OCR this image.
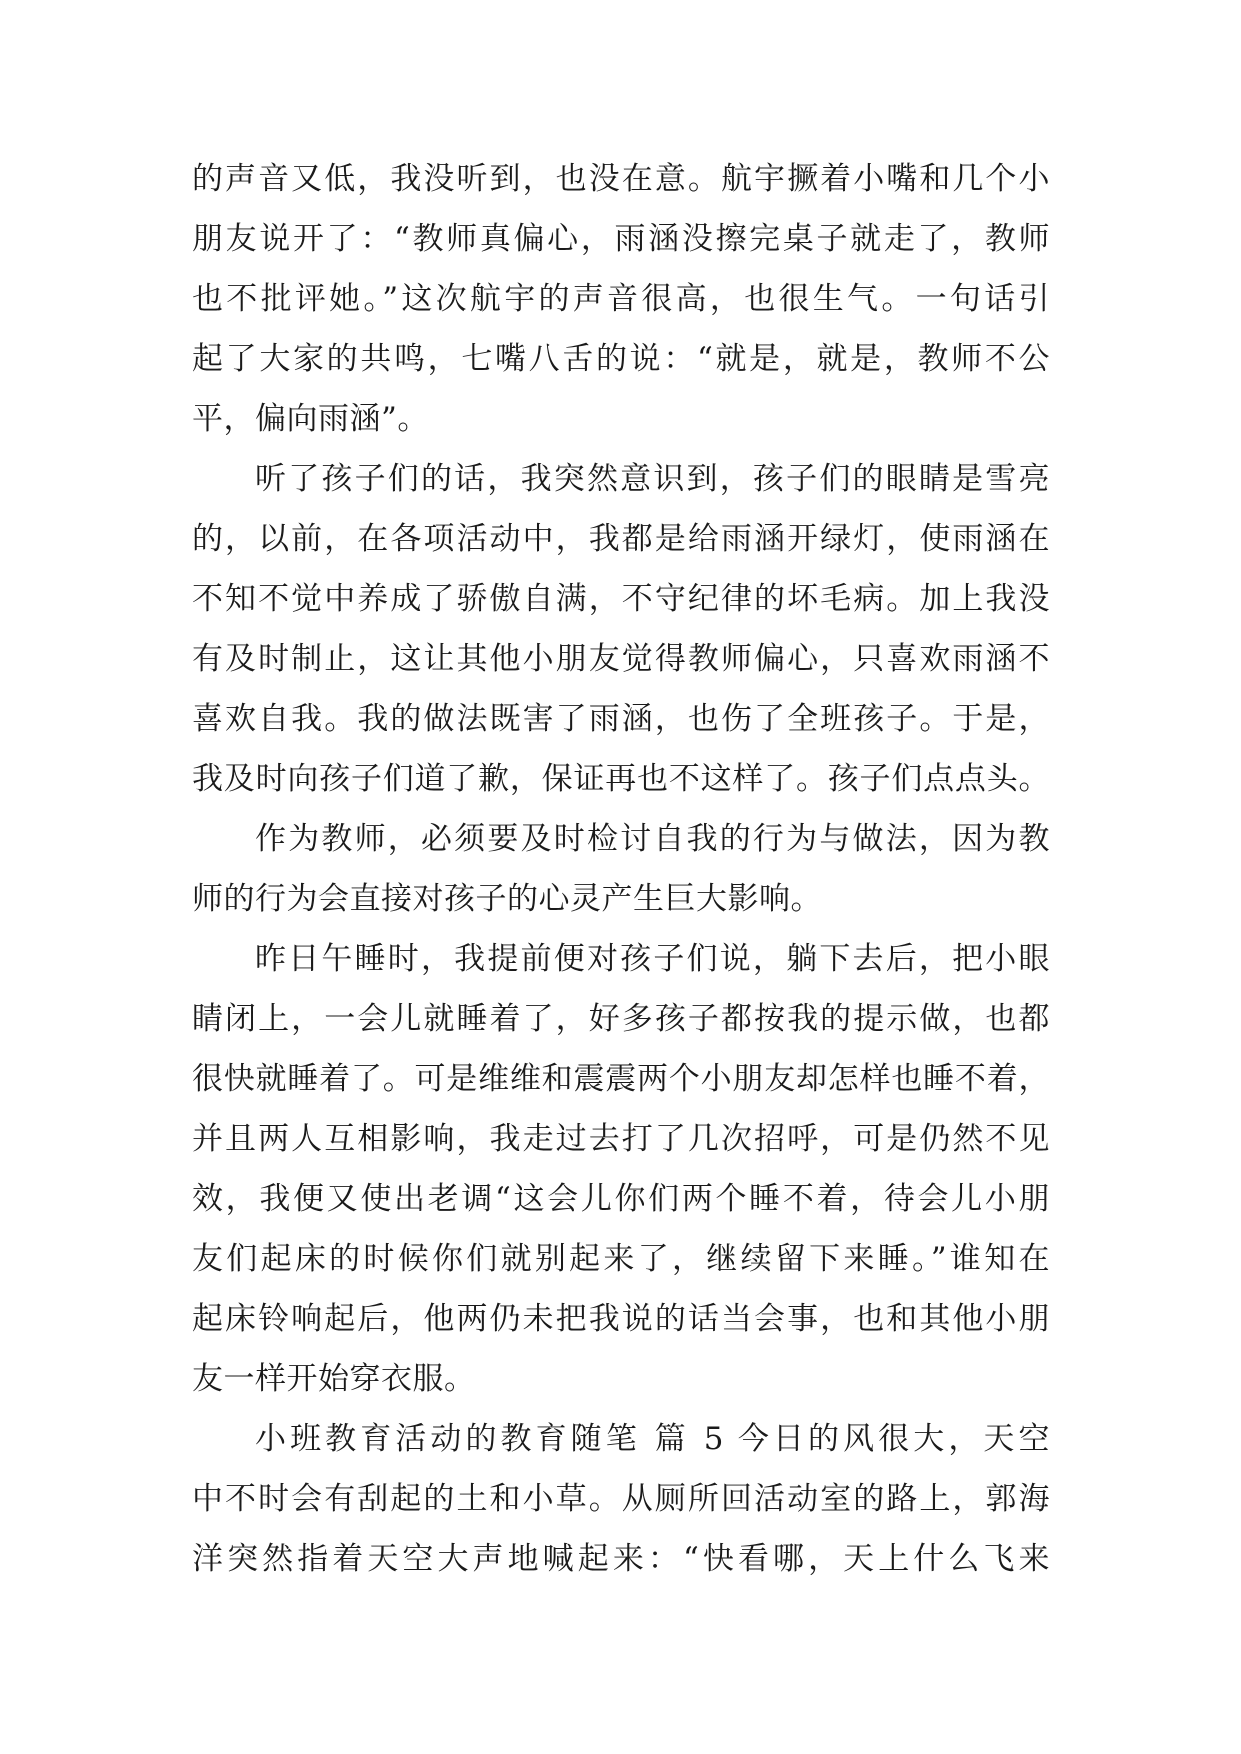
的声音又低，我没听到，也没在意。航宇撅着小嘴和几个小
朋友说开了：“教师真偏心，雨涵没擦完桌子就走了，教师
也不批评她。”这次航宇的声音很高，也很生气。一句话引
起了大家的共鸣，七嘴八舌的说：“就是，就是，教师不公
平，偏向雨涵”。
听了孩子们的话，我突然意识到，孩子们的眼睛是雪亮
的，以前，在各项活动中，我都是给雨涵开绿灯，使雨涵在
不知不觉中养成了骄傲自满，不守纪律的坏毛病。加上我没
有及时制止，这让其他小朋友觉得教师偏心，只喜欢雨涵不
喜欢自我。我的做法既害了雨涵，也伤了全班孩子。于是，
我及时向孩子们道了歉，保证再也不这样了。孩子们点点头。
作为教师，必须要及时检讨自我的行为与做法，因为教
师的行为会直接对孩子的心灵产生巨大影响。
昨日午睡时，我提前便对孩子们说，躺下去后，把小眼
睛闭上，一会儿就睡着了，好多孩子都按我的提示做，也都
很快就睡着了。可是维维和震震两个小朋友却怎样也睡不着，
并且两人互相影响，我走过去打了几次招呼，可是仍然不见
效，我便又使出老调“这会儿你们两个睡不着，待会儿小朋
友们起床的时候你们就别起来了，继续留下来睡。”谁知在
起床铃响起后，他两仍未把我说的话当会事，也和其他小朋
友一样开始穿衣服。
小班教育活动的教育随笔 篇 5 今日的风很大，天空
中不时会有刮起的土和小草。从厕所回活动室的路上，郭海
洋突然指着天空大声地喊起来：“快看哪，天上什么飞来
